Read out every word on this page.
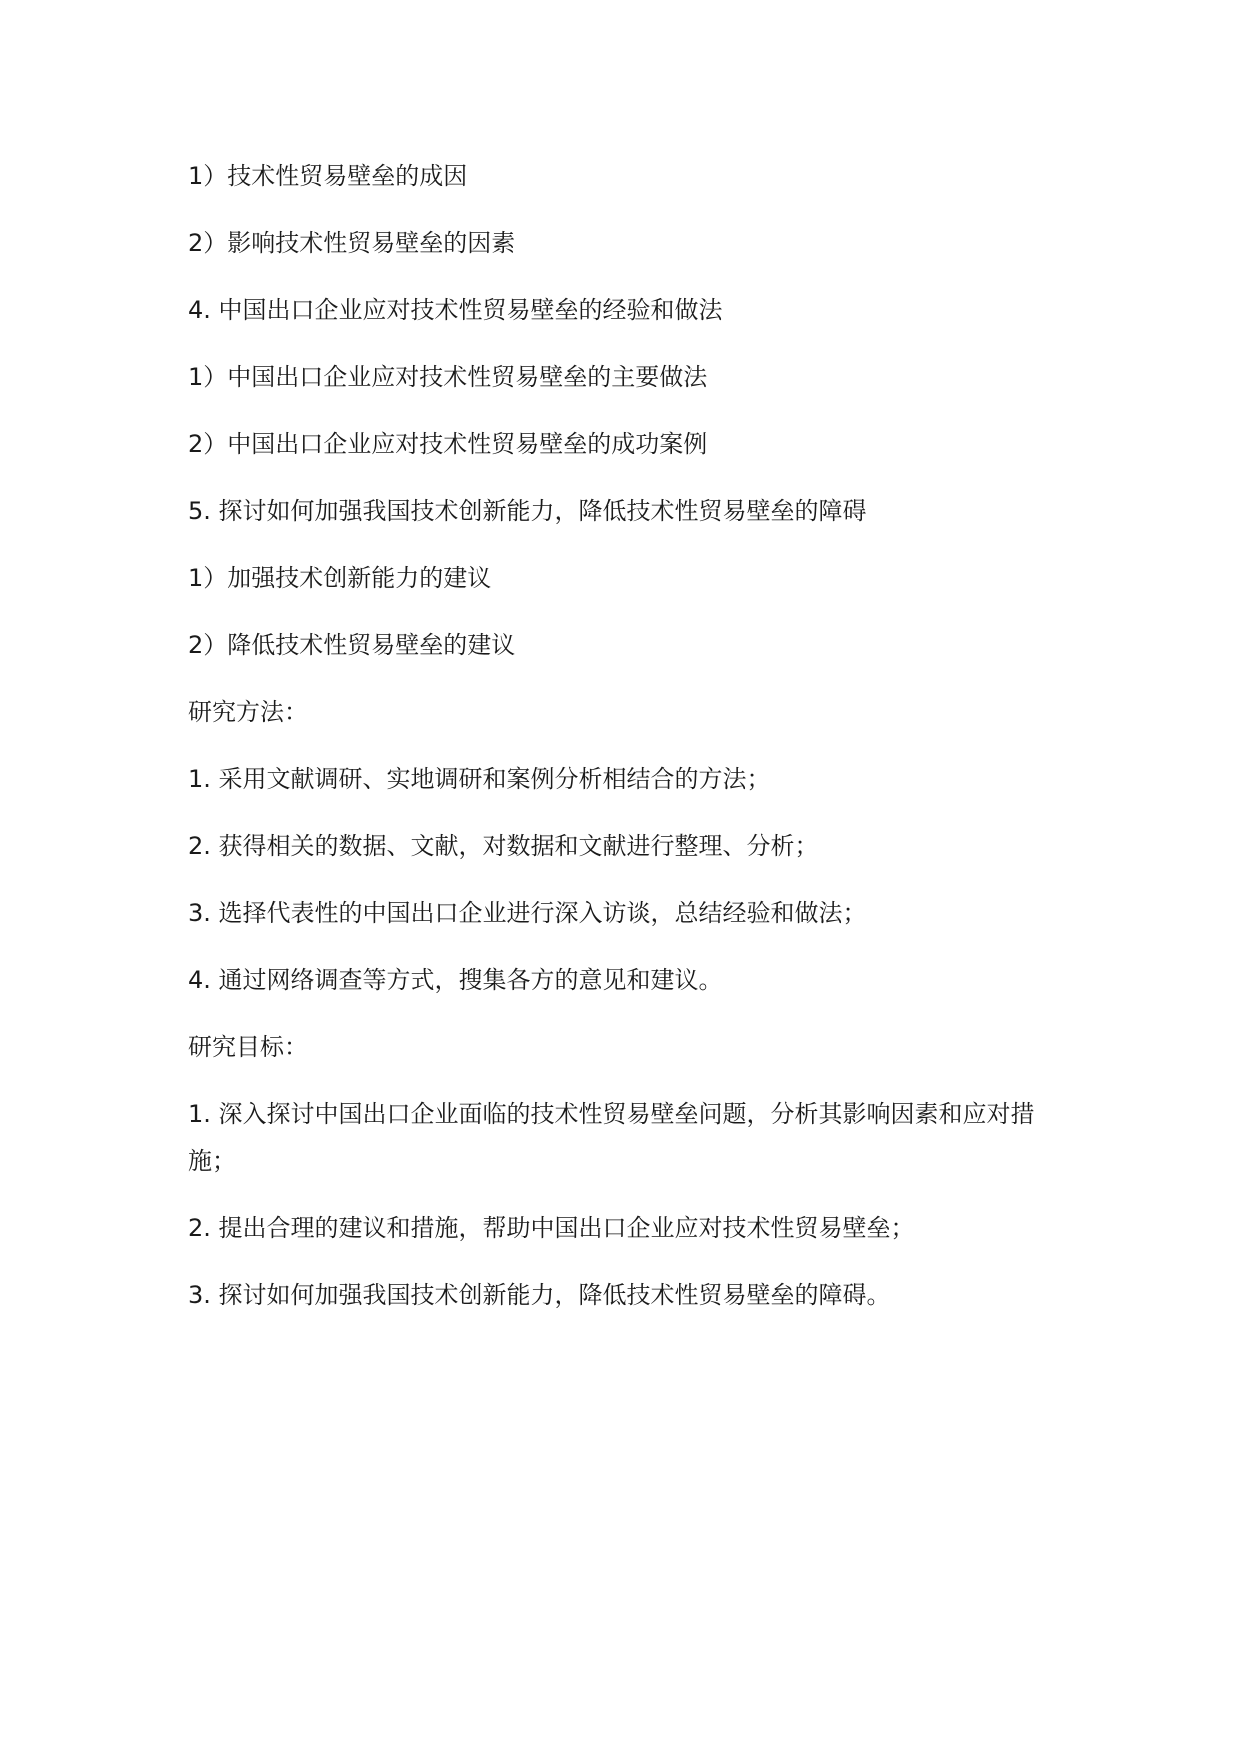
1）技术性贸易壁垒的成因

2）影响技术性贸易壁垒的因素

4. 中国出口企业应对技术性贸易壁垒的经验和做法

1）中国出口企业应对技术性贸易壁垒的主要做法

2）中国出口企业应对技术性贸易壁垒的成功案例

5. 探讨如何加强我国技术创新能力，降低技术性贸易壁垒的障碍

1）加强技术创新能力的建议

2）降低技术性贸易壁垒的建议

研究方法：

1. 采用文献调研、实地调研和案例分析相结合的方法；

2. 获得相关的数据、文献，对数据和文献进行整理、分析；

3. 选择代表性的中国出口企业进行深入访谈，总结经验和做法；

4. 通过网络调查等方式，搜集各方的意见和建议。

研究目标：

1. 深入探讨中国出口企业面临的技术性贸易壁垒问题，分析其影响因素和应对措施；

2. 提出合理的建议和措施，帮助中国出口企业应对技术性贸易壁垒；

3. 探讨如何加强我国技术创新能力，降低技术性贸易壁垒的障碍。
